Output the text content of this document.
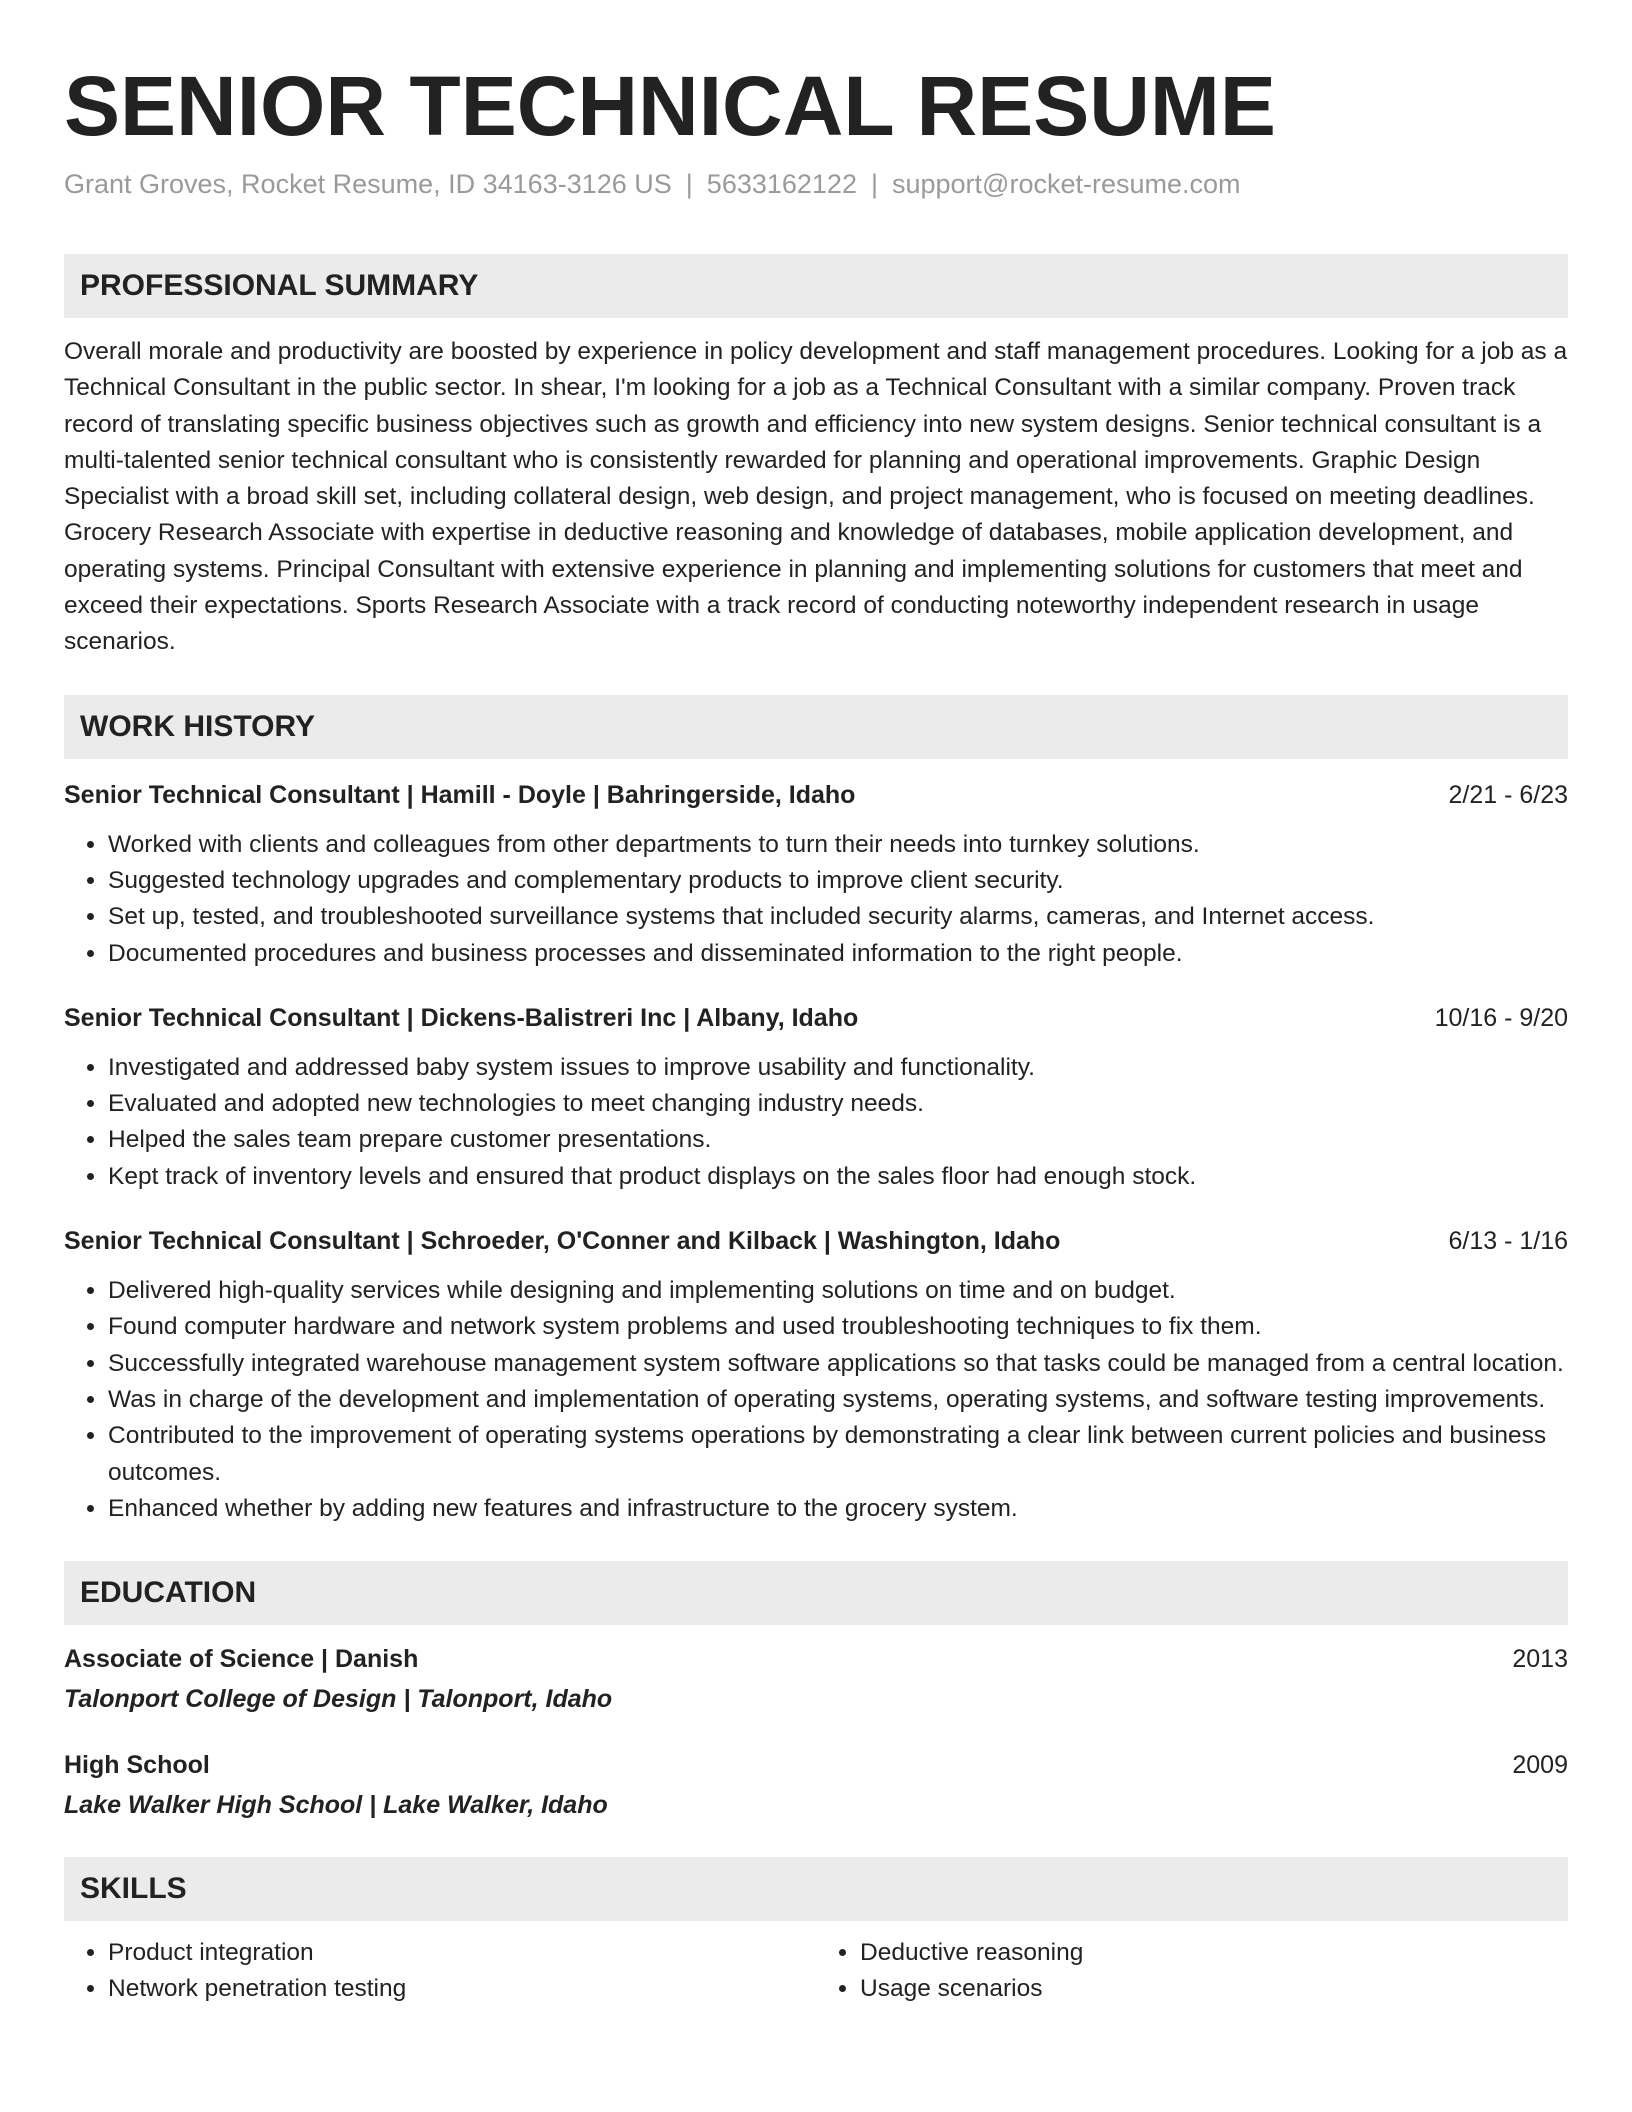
SENIOR TECHNICAL RESUME
Grant Groves, Rocket Resume, ID 34163-3126 US | 5633162122 | support@rocket-resume.com
PROFESSIONAL SUMMARY
Overall morale and productivity are boosted by experience in policy development and staff management procedures. Looking for a job as a Technical Consultant in the public sector. In shear, I'm looking for a job as a Technical Consultant with a similar company. Proven track record of translating specific business objectives such as growth and efficiency into new system designs. Senior technical consultant is a multi-talented senior technical consultant who is consistently rewarded for planning and operational improvements. Graphic Design Specialist with a broad skill set, including collateral design, web design, and project management, who is focused on meeting deadlines. Grocery Research Associate with expertise in deductive reasoning and knowledge of databases, mobile application development, and operating systems. Principal Consultant with extensive experience in planning and implementing solutions for customers that meet and exceed their expectations. Sports Research Associate with a track record of conducting noteworthy independent research in usage scenarios.
WORK HISTORY
Senior Technical Consultant | Hamill - Doyle | Bahringerside, Idaho	2/21 - 6/23
• Worked with clients and colleagues from other departments to turn their needs into turnkey solutions.
• Suggested technology upgrades and complementary products to improve client security.
• Set up, tested, and troubleshooted surveillance systems that included security alarms, cameras, and Internet access.
• Documented procedures and business processes and disseminated information to the right people.
Senior Technical Consultant | Dickens-Balistreri Inc | Albany, Idaho	10/16 - 9/20
• Investigated and addressed baby system issues to improve usability and functionality.
• Evaluated and adopted new technologies to meet changing industry needs.
• Helped the sales team prepare customer presentations.
• Kept track of inventory levels and ensured that product displays on the sales floor had enough stock.
Senior Technical Consultant | Schroeder, O'Conner and Kilback | Washington, Idaho	6/13 - 1/16
• Delivered high-quality services while designing and implementing solutions on time and on budget.
• Found computer hardware and network system problems and used troubleshooting techniques to fix them.
• Successfully integrated warehouse management system software applications so that tasks could be managed from a central location.
• Was in charge of the development and implementation of operating systems, operating systems, and software testing improvements.
• Contributed to the improvement of operating systems operations by demonstrating a clear link between current policies and business outcomes.
• Enhanced whether by adding new features and infrastructure to the grocery system.
EDUCATION
Associate of Science | Danish	2013
Talonport College of Design | Talonport, Idaho
High School	2009
Lake Walker High School | Lake Walker, Idaho
SKILLS
• Product integration
• Network penetration testing
• Deductive reasoning
• Usage scenarios
